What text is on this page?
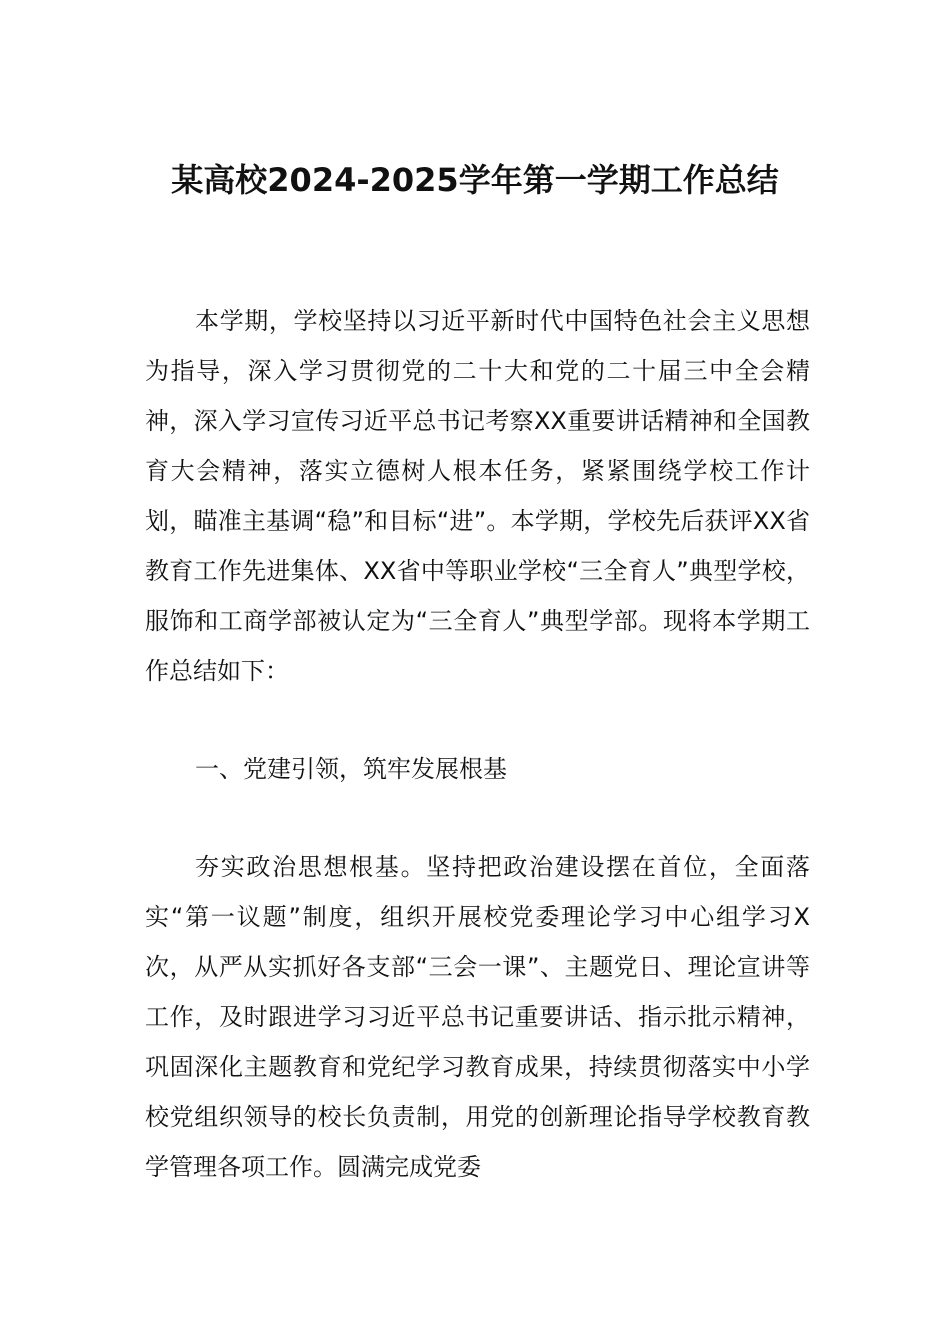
某高校2024-2025学年第一学期工作总结

本学期，学校坚持以习近平新时代中国特色社会主义思想为指导，深入学习贯彻党的二十大和党的二十届三中全会精神，深入学习宣传习近平总书记考察XX重要讲话精神和全国教育大会精神，落实立德树人根本任务，紧紧围绕学校工作计划，瞄准主基调“稳”和目标“进”。本学期，学校先后获评XX省教育工作先进集体、XX省中等职业学校“三全育人”典型学校，服饰和工商学部被认定为“三全育人”典型学部。现将本学期工作总结如下：

一、党建引领，筑牢发展根基

夯实政治思想根基。坚持把政治建设摆在首位，全面落实“第一议题”制度，组织开展校党委理论学习中心组学习X次，从严从实抓好各支部“三会一课”、主题党日、理论宣讲等工作，及时跟进学习习近平总书记重要讲话、指示批示精神，巩固深化主题教育和党纪学习教育成果，持续贯彻落实中小学校党组织领导的校长负责制，用党的创新理论指导学校教育教学管理各项工作。圆满完成党委
